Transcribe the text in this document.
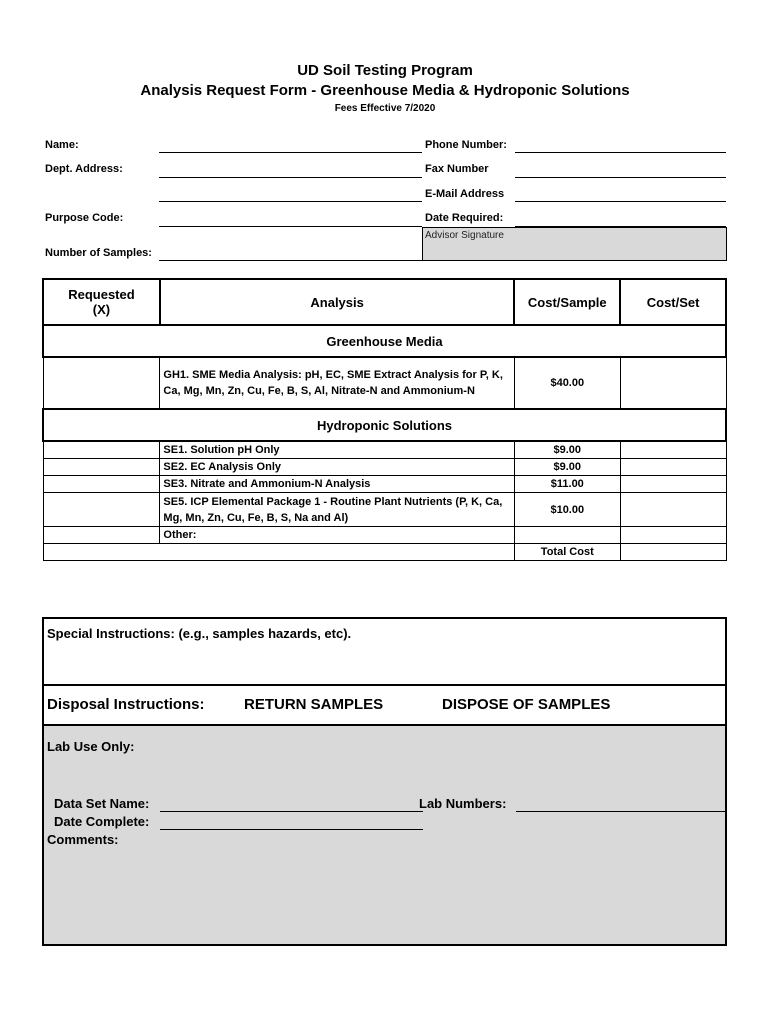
UD Soil Testing Program
Analysis Request Form - Greenhouse Media & Hydroponic Solutions
Fees Effective 7/2020
Name:
Dept. Address:
Purpose Code:
Number of Samples:
Phone Number:
Fax Number
E-Mail Address
Date Required:
Advisor Signature
Requested (X)	Analysis	Cost/Sample	Cost/Set
Greenhouse Media			
	GH1. SME Media Analysis: pH, EC, SME Extract Analysis for P, K, Ca, Mg, Mn, Zn, Cu, Fe, B, S, Al, Nitrate-N and Ammonium-N	$40.00	
Hydroponic Solutions			
	SE1. Solution pH Only	$9.00	
	SE2. EC Analysis Only	$9.00	
	SE3. Nitrate and Ammonium-N Analysis	$11.00	
	SE5. ICP Elemental Package 1 - Routine Plant Nutrients (P, K, Ca, Mg, Mn, Zn, Cu, Fe, B, S, Na and Al)	$10.00	
	Other:		
		Total Cost	
Special Instructions: (e.g., samples hazards, etc).
Disposal Instructions:	RETURN SAMPLES	DISPOSE OF SAMPLES
Lab Use Only:
Data Set Name:	Lab Numbers:
Date Complete:
Comments:
